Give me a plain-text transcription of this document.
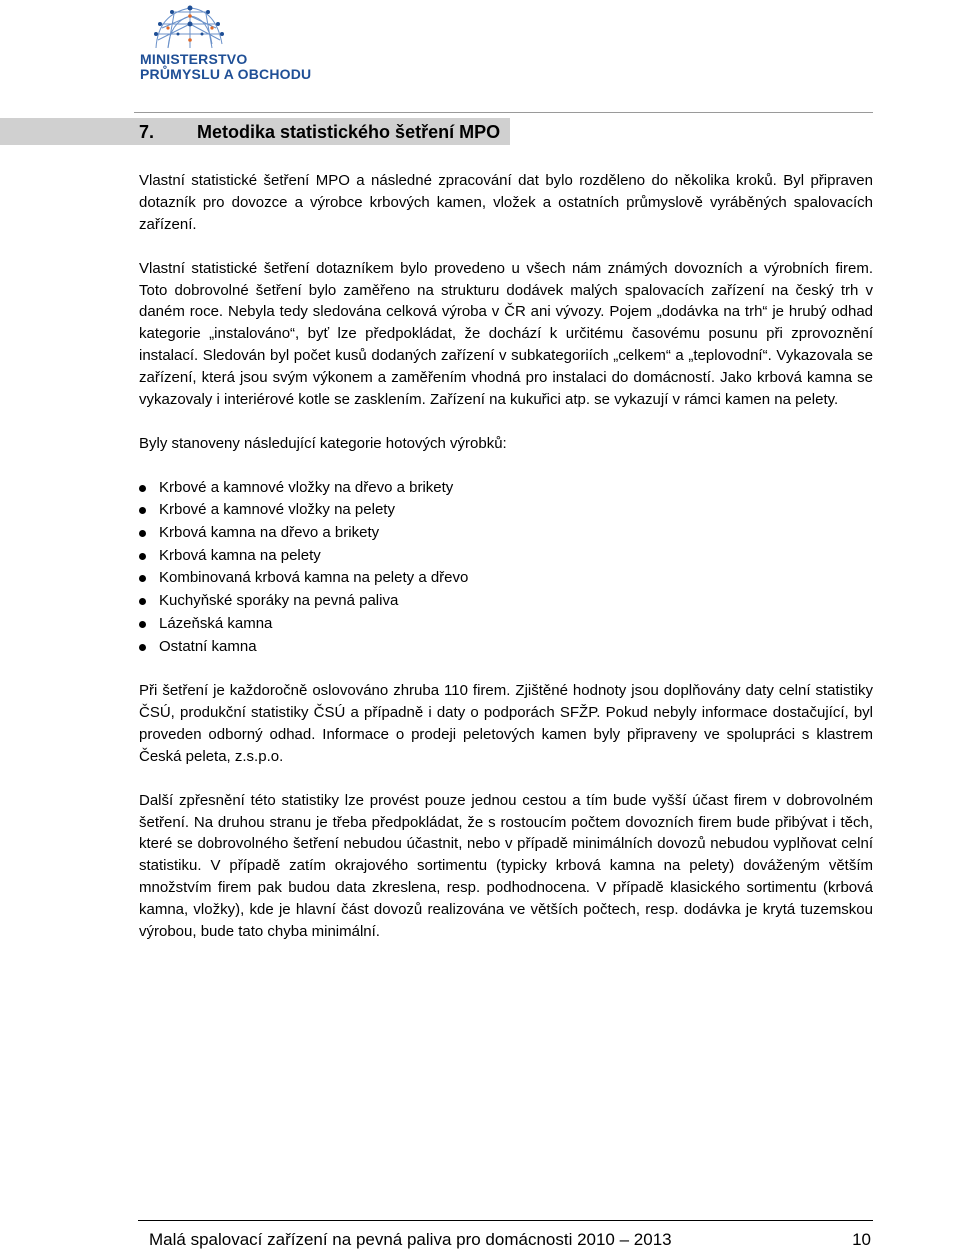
MINISTERSTVO
PRŮMYSLU A OBCHODU
7. Metodika statistického šetření MPO

Vlastní statistické šetření MPO a následné zpracování dat bylo rozděleno do několika kroků. Byl připraven dotazník pro dovozce a výrobce krbových kamen, vložek a ostatních průmyslově vyráběných spalovacích zařízení.

Vlastní statistické šetření dotazníkem bylo provedeno u všech nám známých dovozních a výrobních firem. Toto dobrovolné šetření bylo zaměřeno na strukturu dodávek malých spalovacích zařízení na český trh v daném roce. Nebyla tedy sledována celková výroba v ČR ani vývozy. Pojem „dodávka na trh“ je hrubý odhad kategorie „instalováno“, byť lze předpokládat, že dochází k určitému časovému posunu při zprovoznění instalací. Sledován byl počet kusů dodaných zařízení v subkategoriích „celkem“ a „teplovodní“. Vykazovala se zařízení, která jsou svým výkonem a zaměřením vhodná pro instalaci do domácností. Jako krbová kamna se vykazovaly i interiérové kotle se zasklením. Zařízení na kukuřici atp. se vykazují v rámci kamen na pelety.

Byly stanoveny následující kategorie hotových výrobků:

Krbové a kamnové vložky na dřevo a brikety
Krbové a kamnové vložky na pelety
Krbová kamna na dřevo a brikety
Krbová kamna na pelety
Kombinovaná krbová kamna na pelety a dřevo
Kuchyňské sporáky na pevná paliva
Lázeňská kamna
Ostatní kamna

Při šetření je každoročně oslovováno zhruba 110 firem. Zjištěné hodnoty jsou doplňovány daty celní statistiky ČSÚ, produkční statistiky ČSÚ a případně i daty o podporách SFŽP. Pokud nebyly informace dostačující, byl proveden odborný odhad. Informace o prodeji peletových kamen byly připraveny ve spolupráci s klastrem Česká peleta, z.s.p.o.

Další zpřesnění této statistiky lze provést pouze jednou cestou a tím bude vyšší účast firem v dobrovolném šetření. Na druhou stranu je třeba předpokládat, že s rostoucím počtem dovozních firem bude přibývat i těch, které se dobrovolného šetření nebudou účastnit, nebo v případě minimálních dovozů nebudou vyplňovat celní statistiku. V případě zatím okrajového sortimentu (typicky krbová kamna na pelety) dováženým větším množstvím firem pak budou data zkreslena, resp. podhodnocena. V případě klasického sortimentu (krbová kamna, vložky), kde je hlavní část dovozů realizována ve větších počtech, resp. dodávka je krytá tuzemskou výrobou, bude tato chyba minimální.

Malá spalovací zařízení na pevná paliva pro domácnosti 2010 – 2013	10
